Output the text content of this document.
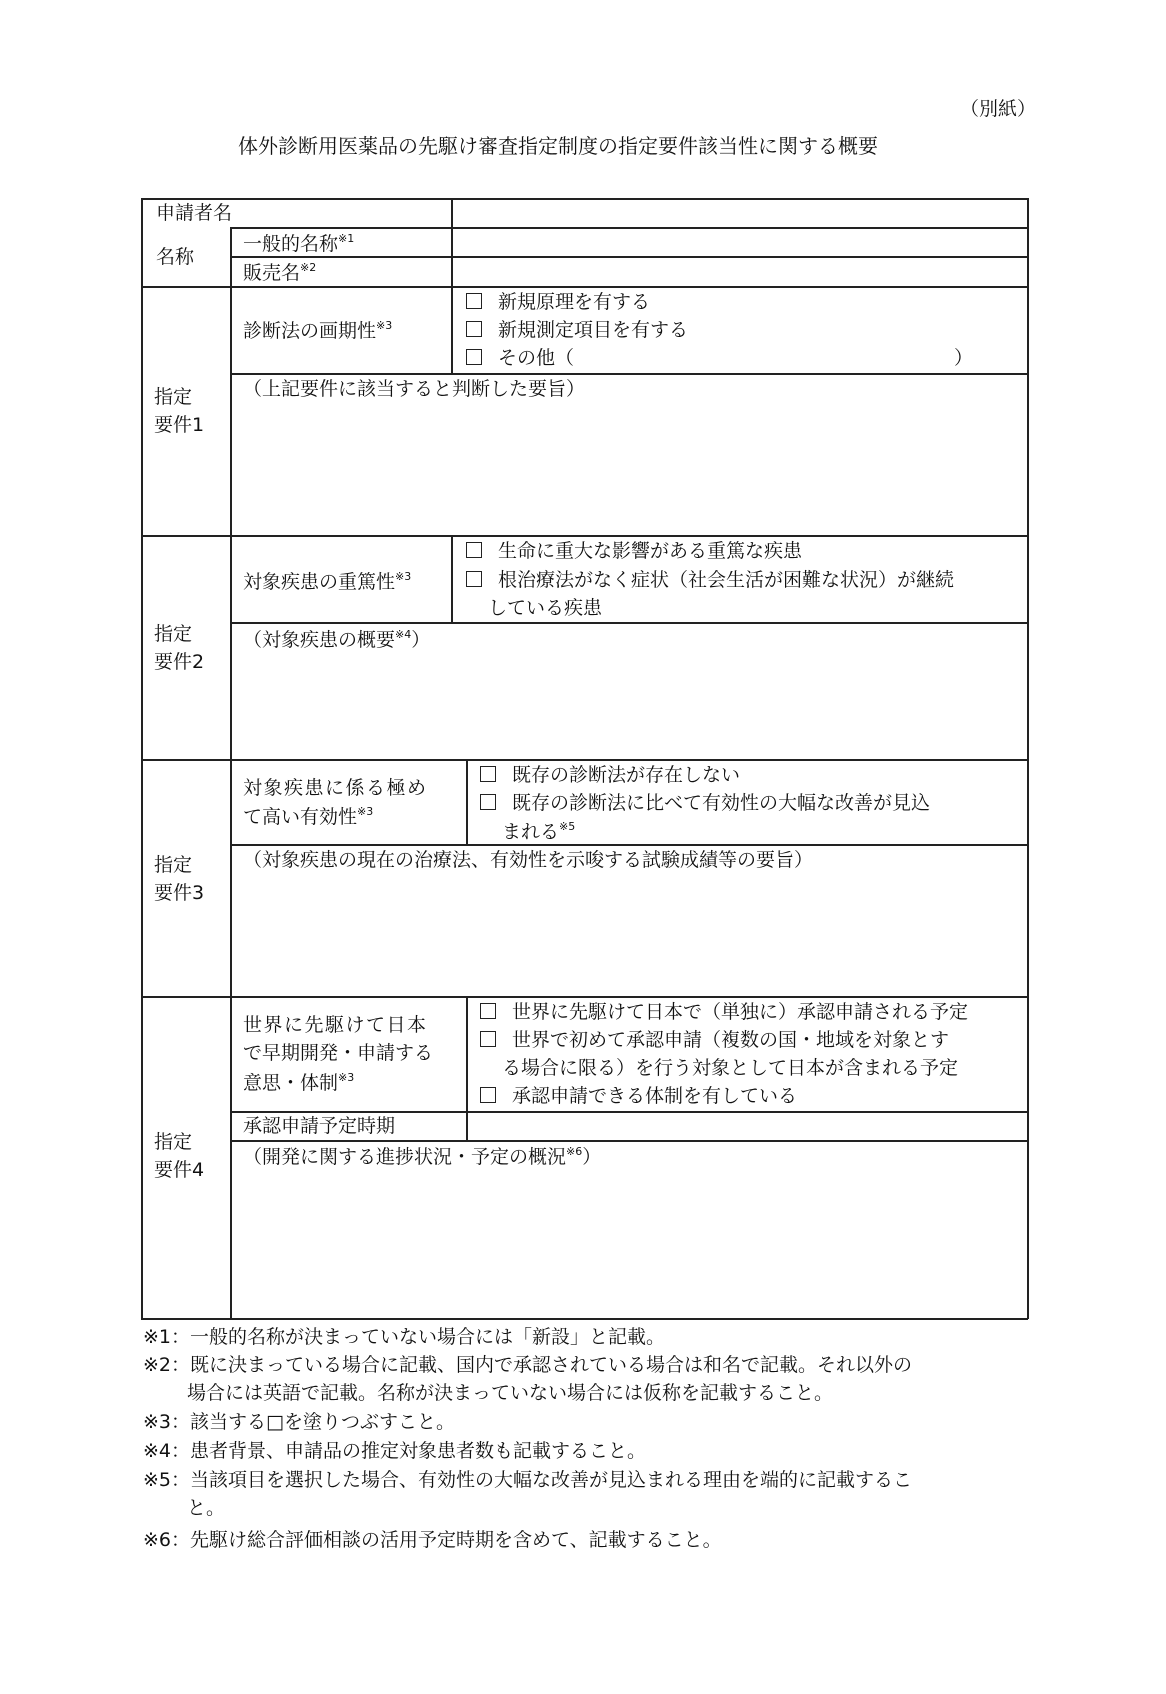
（別紙）
体外診断用医薬品の先駆け審査指定制度の指定要件該当性に関する概要
申請者名
名称
一般的名称$^{※1}$
販売名$^{※2}$
指定
要件1
診断法の画期性$^{※3}$
新規原理を有する
新規測定項目を有する
その他（	）
（上記要件に該当すると判断した要旨）
指定
要件2
対象疾患の重篤性$^{※3}$
生命に重大な影響がある重篤な疾患
根治療法がなく症状（社会生活が困難な状況）が継続
している疾患
（対象疾患の概要$^{※4}$）
指定
要件3
対象疾患に係る極め
て高い有効性$^{※3}$
既存の診断法が存在しない
既存の診断法に比べて有効性の大幅な改善が見込
まれる$^{※5}$
（対象疾患の現在の治療法、有効性を示唆する試験成績等の要旨）
指定
要件4
世界に先駆けて日本
で早期開発・申請する
意思・体制$^{※3}$
世界に先駆けて日本で（単独に）承認申請される予定
世界で初めて承認申請（複数の国・地域を対象とす
る場合に限る）を行う対象として日本が含まれる予定
承認申請できる体制を有している
承認申請予定時期
（開発に関する進捗状況・予定の概況$^{※6}$）
※1：一般的名称が決まっていない場合には「新設」と記載。
※2：既に決まっている場合に記載、国内で承認されている場合は和名で記載。それ以外の
場合には英語で記載。名称が決まっていない場合には仮称を記載すること。
※3：該当する□を塗りつぶすこと。
※4：患者背景、申請品の推定対象患者数も記載すること。
※5：当該項目を選択した場合、有効性の大幅な改善が見込まれる理由を端的に記載するこ
と。
※6：先駆け総合評価相談の活用予定時期を含めて、記載すること。
